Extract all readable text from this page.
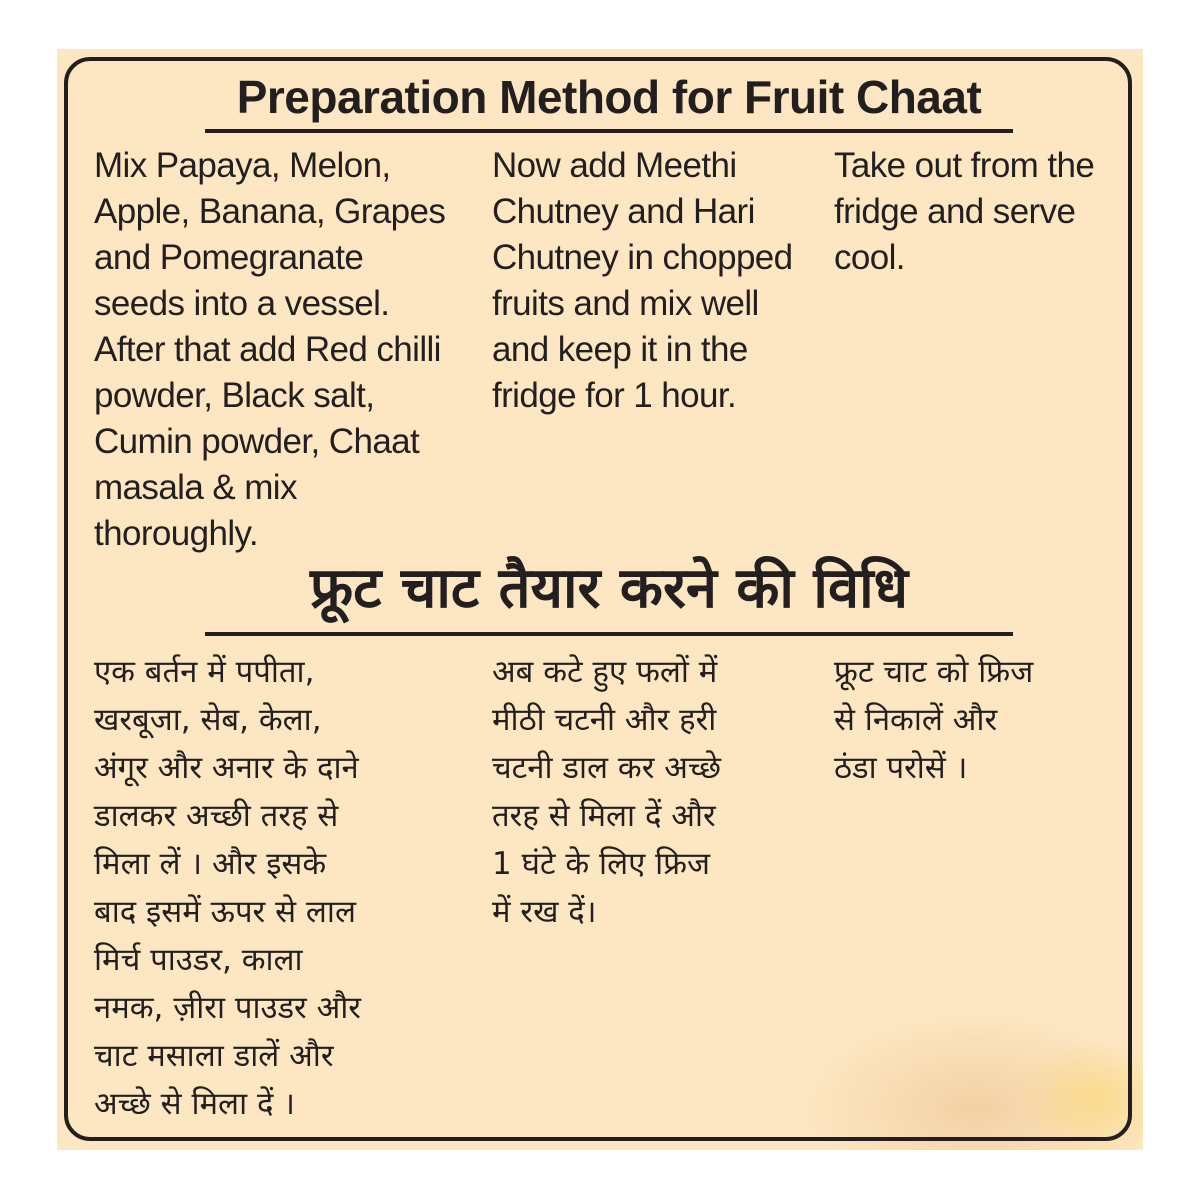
Preparation Method for Fruit Chaat
Mix Papaya, Melon,
Apple, Banana, Grapes
and Pomegranate
seeds into a vessel.
After that add Red chilli
powder, Black salt,
Cumin powder, Chaat
masala & mix
thoroughly.
Now add Meethi
Chutney and Hari
Chutney in chopped
fruits and mix well
and keep it in the
fridge for 1 hour.
Take out from the
fridge and serve
cool.
फ्रूट चाट तैयार करने की विधि
एक बर्तन में पपीता,
खरबूजा, सेब, केला,
अंगूर और अनार के दाने
डालकर अच्छी तरह से
मिला लें । और इसके
बाद इसमें ऊपर से लाल
मिर्च पाउडर, काला
नमक, ज़ीरा पाउडर और
चाट मसाला डालें और
अच्छे से मिला दें ।
अब कटे हुए फलों में
मीठी चटनी और हरी
चटनी डाल कर अच्छे
तरह से मिला दें और
1 घंटे के लिए फ्रिज
में रख दें।
फ्रूट चाट को फ्रिज
से निकालें और
ठंडा परोसें ।
